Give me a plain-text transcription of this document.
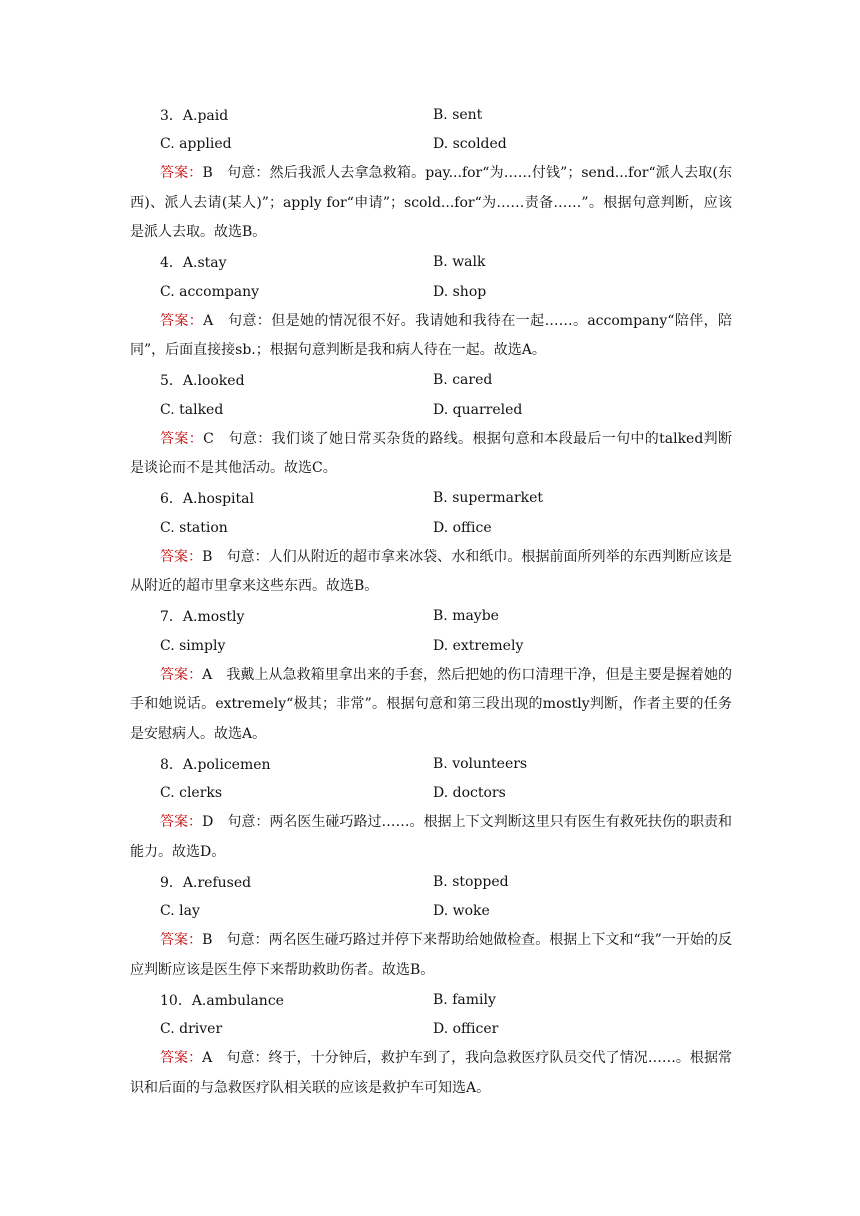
3．A.paid	B. sent
C. applied	D. scolded

答案：B　句意：然后我派人去拿急救箱。pay...for“为……付钱”；send...for“派人去取(东西)、派人去请(某人)”；apply for“申请”；scold...for“为……责备……”。根据句意判断，应该是派人去取。故选B。

4．A.stay	B. walk
C. accompany	D. shop

答案：A　句意：但是她的情况很不好。我请她和我待在一起……。accompany“陪伴，陪同”，后面直接接sb.；根据句意判断是我和病人待在一起。故选A。

5．A.looked	B. cared
C. talked	D. quarreled

答案：C　句意：我们谈了她日常买杂货的路线。根据句意和本段最后一句中的talked判断是谈论而不是其他活动。故选C。

6．A.hospital	B. supermarket
C. station	D. office

答案：B　句意：人们从附近的超市拿来冰袋、水和纸巾。根据前面所列举的东西判断应该是从附近的超市里拿来这些东西。故选B。

7．A.mostly	B. maybe
C. simply	D. extremely

答案：A　我戴上从急救箱里拿出来的手套，然后把她的伤口清理干净，但是主要是握着她的手和她说话。extremely“极其；非常”。根据句意和第三段出现的mostly判断，作者主要的任务是安慰病人。故选A。

8．A.policemen	B. volunteers
C. clerks	D. doctors

答案：D　句意：两名医生碰巧路过……。根据上下文判断这里只有医生有救死扶伤的职责和能力。故选D。

9．A.refused	B. stopped
C. lay	D. woke

答案：B　句意：两名医生碰巧路过并停下来帮助给她做检查。根据上下文和“我”一开始的反应判断应该是医生停下来帮助救助伤者。故选B。

10．A.ambulance	B. family
C. driver	D. officer

答案：A　句意：终于，十分钟后，救护车到了，我向急救医疗队员交代了情况……。根据常识和后面的与急救医疗队相关联的应该是救护车可知选A。
